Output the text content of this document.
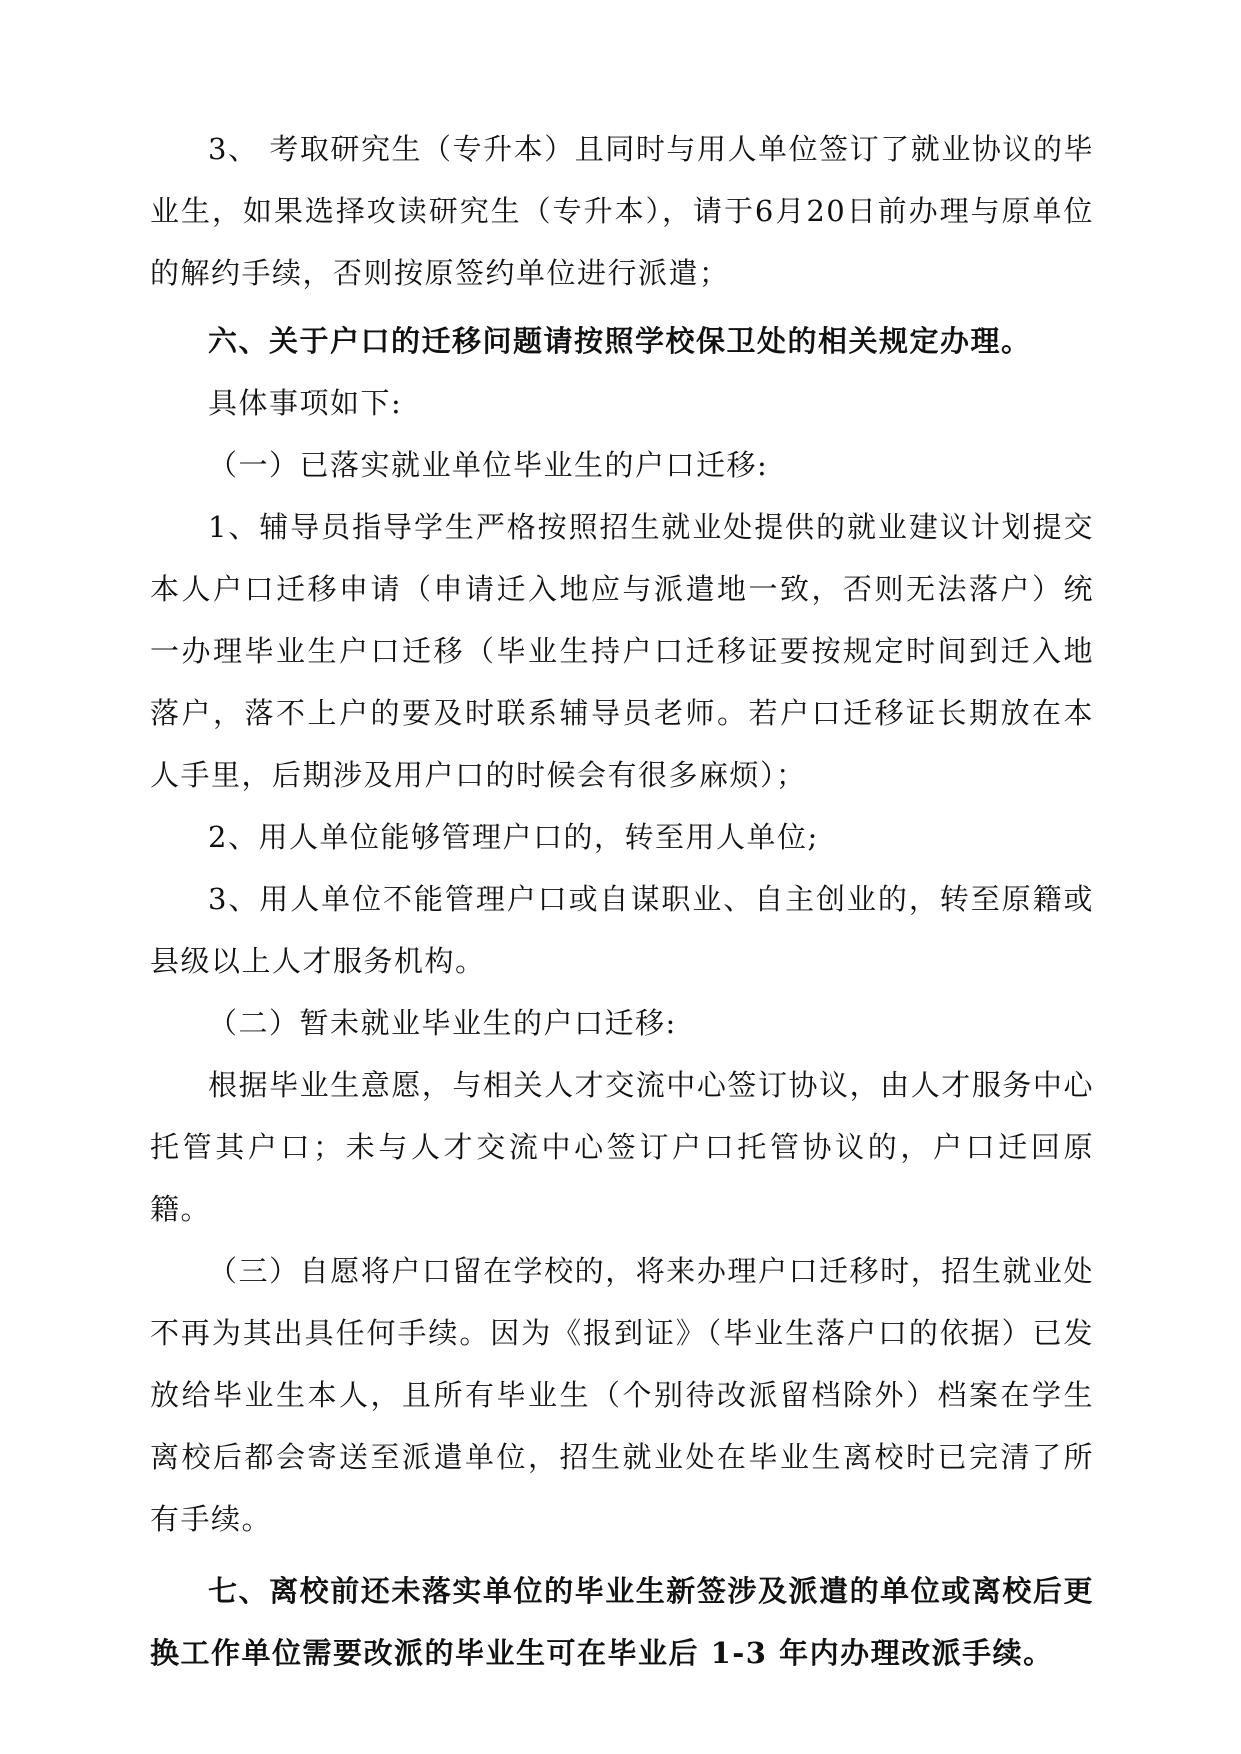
3、 考取研究生（专升本）且同时与用人单位签订了就业协议的毕业生，如果选择攻读研究生（专升本），请于6月20日前办理与原单位的解约手续，否则按原签约单位进行派遣；

六、关于户口的迁移问题请按照学校保卫处的相关规定办理。

具体事项如下:

（一）已落实就业单位毕业生的户口迁移:

1、辅导员指导学生严格按照招生就业处提供的就业建议计划提交本人户口迁移申请（申请迁入地应与派遣地一致，否则无法落户）统一办理毕业生户口迁移（毕业生持户口迁移证要按规定时间到迁入地落户，落不上户的要及时联系辅导员老师。若户口迁移证长期放在本人手里，后期涉及用户口的时候会有很多麻烦）；

2、用人单位能够管理户口的，转至用人单位;

3、用人单位不能管理户口或自谋职业、自主创业的，转至原籍或县级以上人才服务机构。

（二）暂未就业毕业生的户口迁移:

根据毕业生意愿，与相关人才交流中心签订协议，由人才服务中心托管其户口；未与人才交流中心签订户口托管协议的，户口迁回原籍。

（三）自愿将户口留在学校的，将来办理户口迁移时，招生就业处不再为其出具任何手续。因为《报到证》（毕业生落户口的依据）已发放给毕业生本人，且所有毕业生（个别待改派留档除外）档案在学生离校后都会寄送至派遣单位，招生就业处在毕业生离校时已完清了所有手续。

七、离校前还未落实单位的毕业生新签涉及派遣的单位或离校后更换工作单位需要改派的毕业生可在毕业后 1-3 年内办理改派手续。
